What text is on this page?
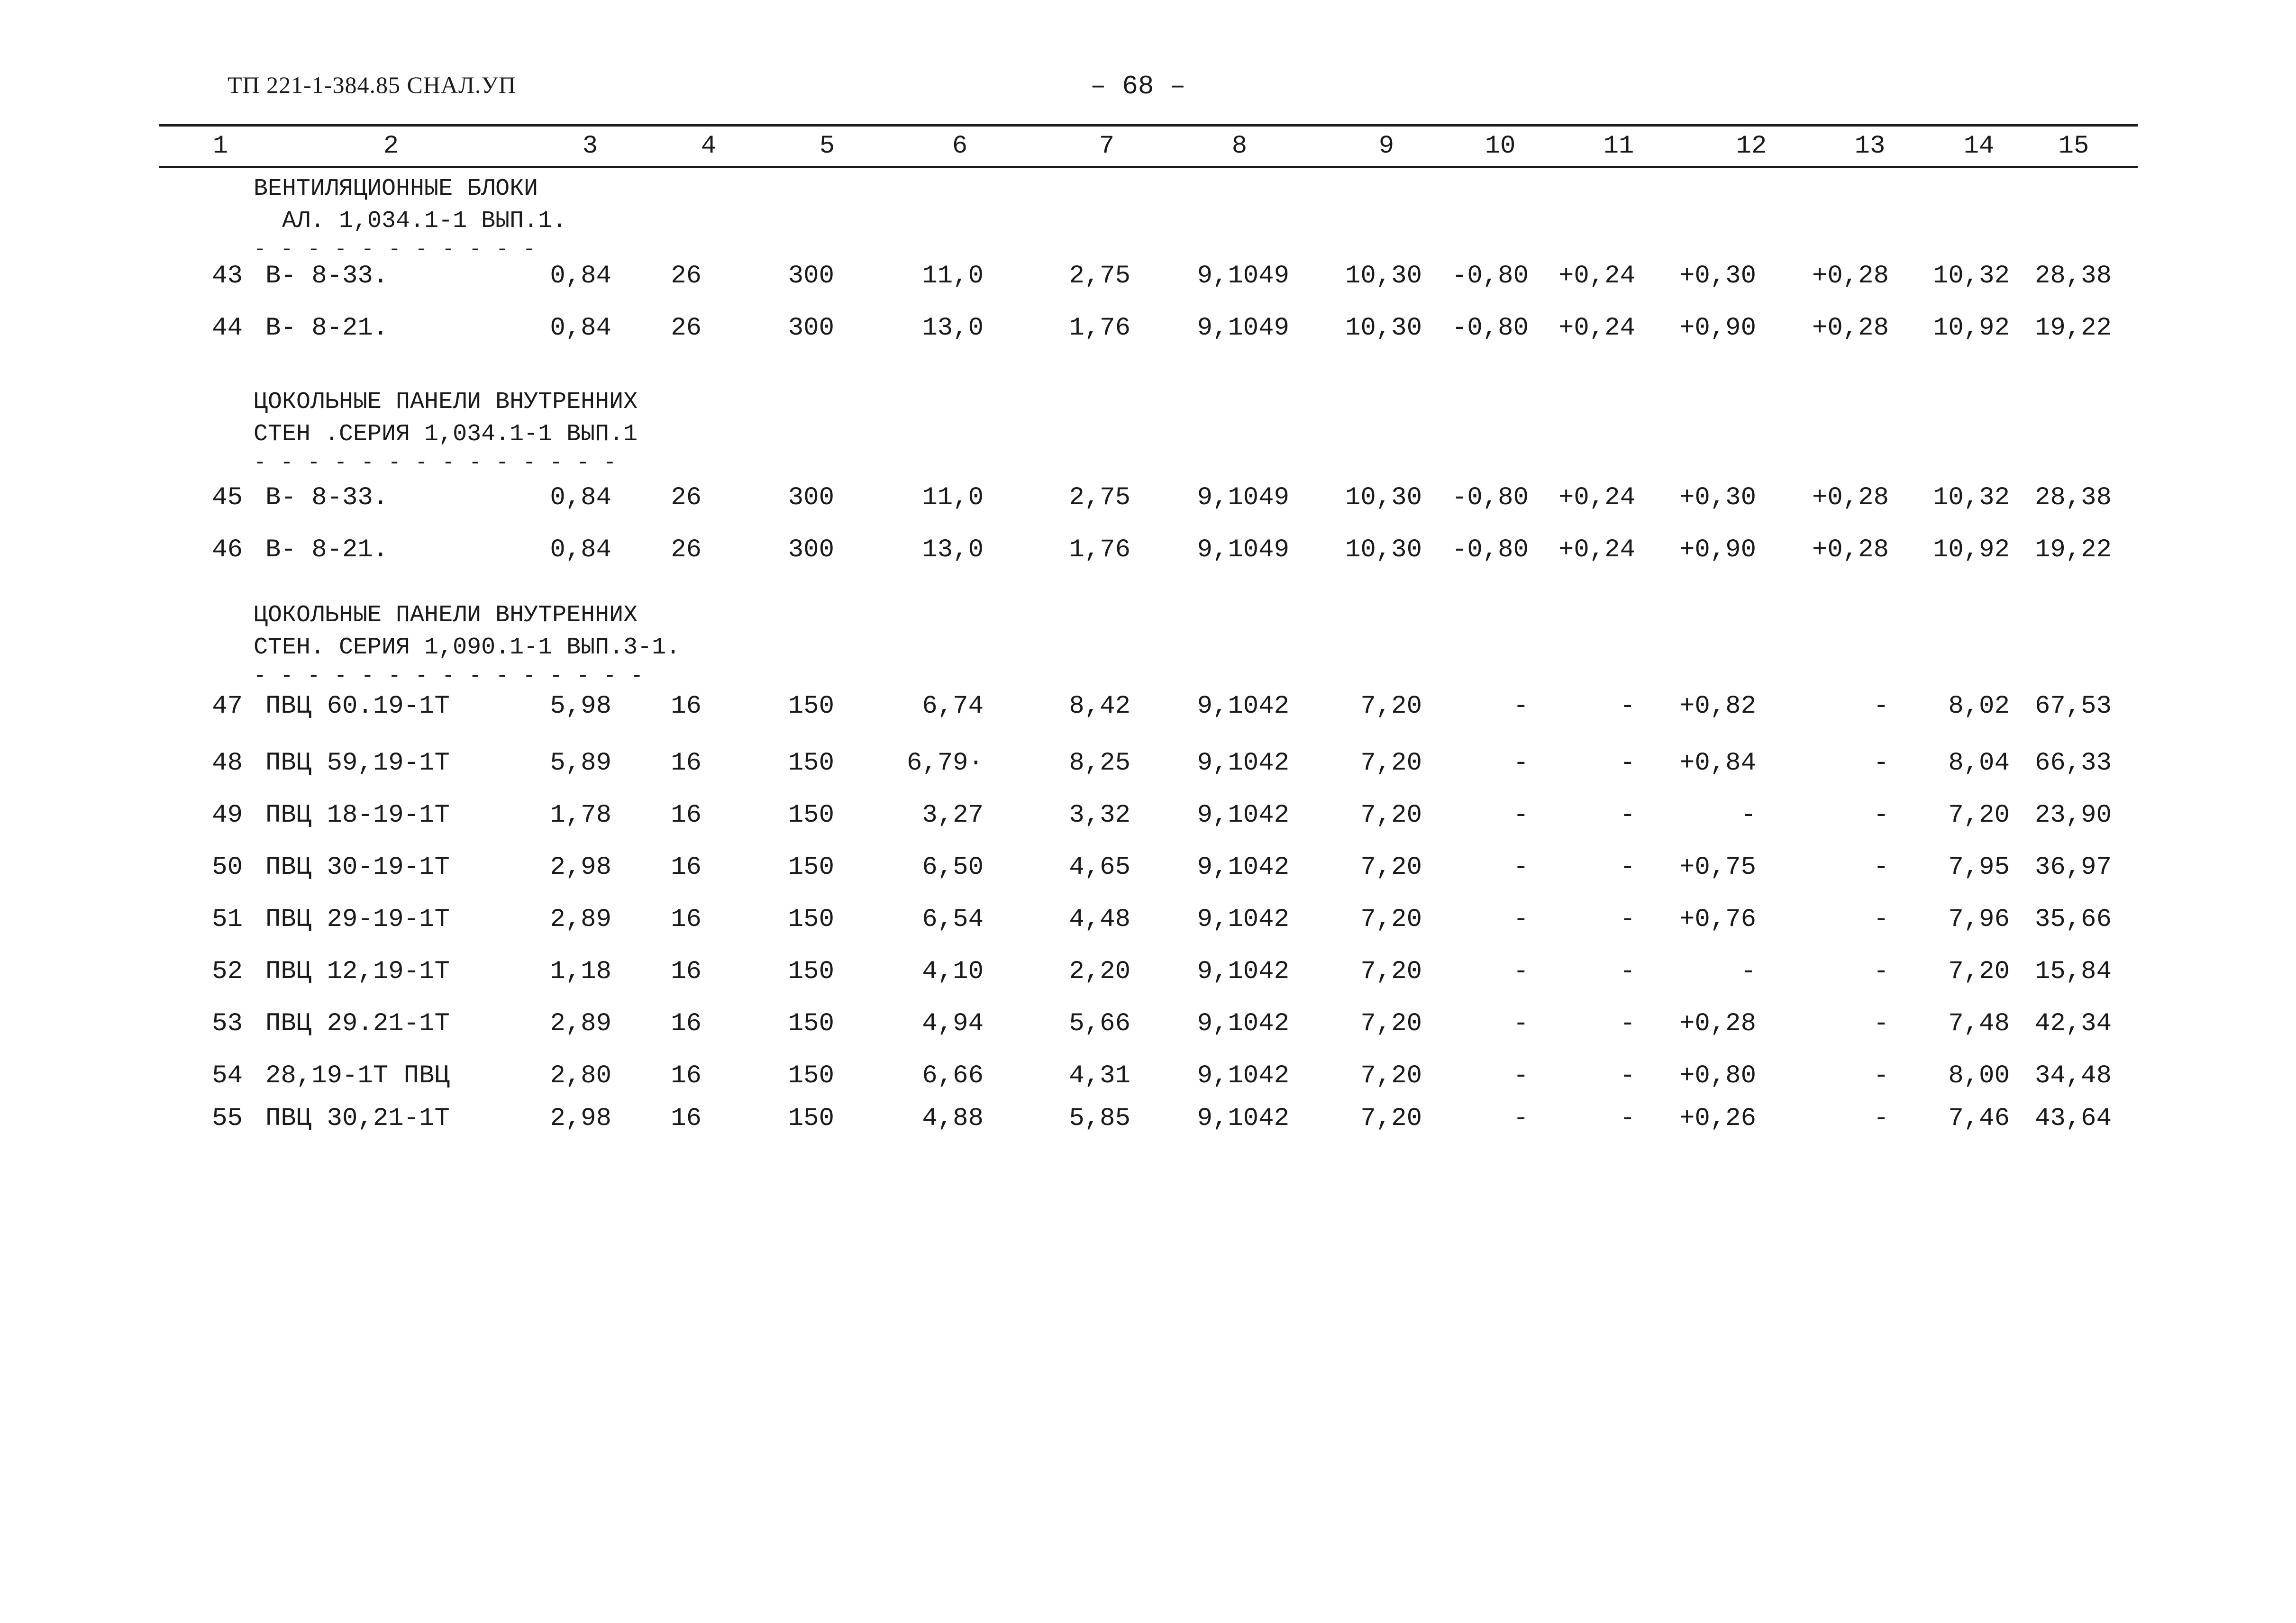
ТП 221-1-384.85 СНАЛ.УП	– 68 –
1	2	3	4	5	6	7	8	9	10	11	12	13	14	15
ВЕНТИЛЯЦИОННЫЕ БЛОКИ
АЛ. 1,034.1-1 ВЫП.1.
- - - - - - - - - - -
43 В- 8-33.	0,84 26	300	11,0	2,75	9,1049 10,30 -0,80 +0,24 +0,30 +0,28 10,32 28,38
44 В- 8-21.	0,84 26	300	13,0	1,76	9,1049 10,30 -0,80 +0,24 +0,90 +0,28 10,92 19,22
ЦОКОЛЬНЫЕ ПАНЕЛИ ВНУТРЕННИХ
СТЕН .СЕРИЯ 1,034.1-1 ВЫП.1
- - - - - - - - - - - - - -
45 В- 8-33.	0,84 26	300	11,0	2,75	9,1049 10,30 -0,80 +0,24 +0,30 +0,28 10,32 28,38
46 В- 8-21.	0,84 26	300	13,0	1,76	9,1049 10,30 -0,80 +0,24 +0,90 +0,28 10,92 19,22
ЦОКОЛЬНЫЕ ПАНЕЛИ ВНУТРЕННИХ
СТЕН. СЕРИЯ 1,090.1-1 ВЫП.3-1.
- - - - - - - - - - - - - - -
47 ПВЦ 60.19-1Т	5,98 16	150	6,74	8,42	9,1042	7,20	-	- +0,82	- 8,02 67,53
48 ПВЦ 59,19-1Т	5,89 16	150	6,79·	8,25	9,1042	7,20	-	- +0,84	- 8,04 66,33
49 ПВЦ 18-19-1Т	1,78 16	150	3,27	3,32	9,1042	7,20	-	-	-	- 7,20 23,90
50 ПВЦ 30-19-1Т	2,98 16	150	6,50	4,65	9,1042	7,20	-	- +0,75	- 7,95 36,97
51 ПВЦ 29-19-1Т	2,89 16	150	6,54	4,48	9,1042	7,20	-	- +0,76	- 7,96 35,66
52 ПВЦ 12,19-1Т	1,18 16	150	4,10	2,20	9,1042	7,20	-	-	-	- 7,20 15,84
53 ПВЦ 29.21-1Т	2,89 16	150	4,94	5,66	9,1042	7,20	-	- +0,28	- 7,48 42,34
54 28,19-1Т ПВЦ	2,80 16	150	6,66	4,31	9,1042	7,20	-	- +0,80	- 8,00 34,48
55 ПВЦ 30,21-1Т	2,98 16	150	4,88	5,85	9,1042	7,20	-	- +0,26	- 7,46 43,64
